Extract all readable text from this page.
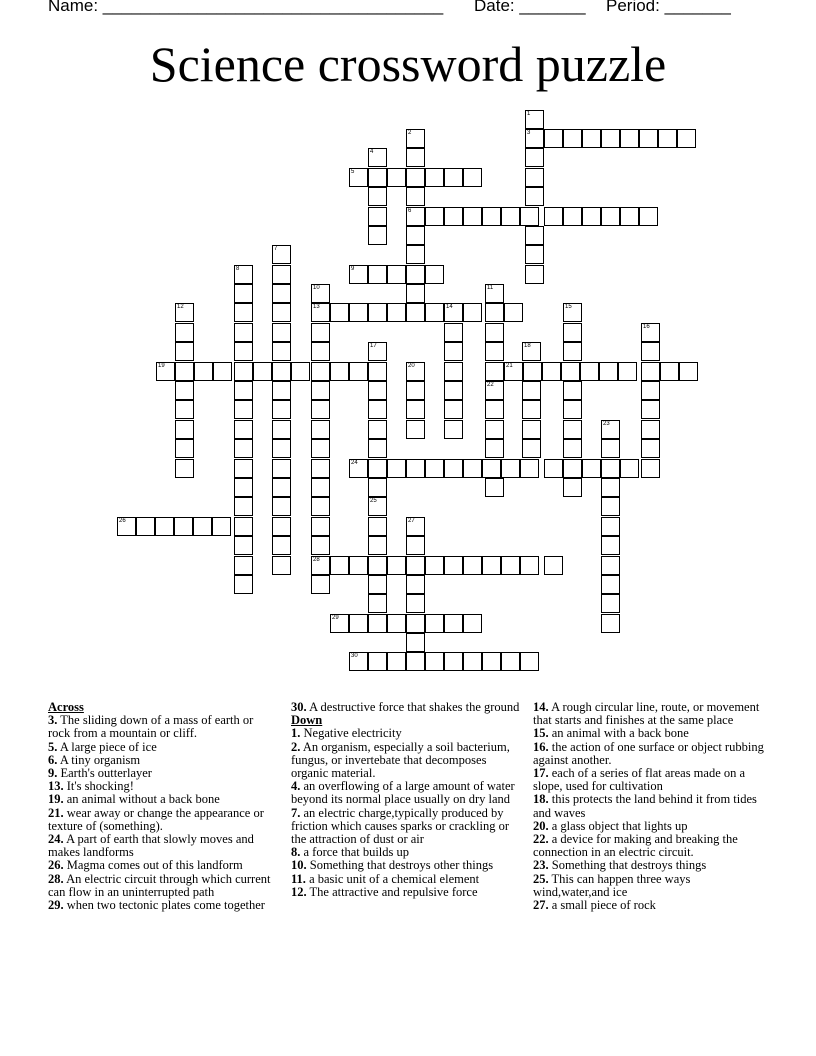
Name: ____________________________________ Date: _______ Period: _______
Science crossword puzzle
1
2	3
4
5
6
7
8	9
10	11
12	13	14	15
16
17	18
19	20	21
22
23
24
25
26	27
28
29
30
Across
3. The sliding down of a mass of earth or rock from a mountain or cliff.
5. A large piece of ice
6. A tiny organism
9. Earth's outterlayer
13. It's shocking!
19. an animal without a back bone
21. wear away or change the appearance or texture of (something).
24. A part of earth that slowly moves and makes landforms
26. Magma comes out of this landform
28. An electric circuit through which current can flow in an uninterrupted path
29. when two tectonic plates come together
30. A destructive force that shakes the ground
Down
1. Negative electricity
2. An organism, especially a soil bacterium, fungus, or invertebate that decomposes organic material.
4. an overflowing of a large amount of water beyond its normal place usually on dry land
7. an electric charge,typically produced by friction which causes sparks or crackling or the attraction of dust or air
8. a force that builds up
10. Something that destroys other things
11. a basic unit of a chemical element
12. The attractive and repulsive force
14. A rough circular line, route, or movement that starts and finishes at the same place
15. an animal with a back bone
16. the action of one surface or object rubbing against another.
17. each of a series of flat areas made on a slope, used for cultivation
18. this protects the land behind it from tides and waves
20. a glass object that lights up
22. a device for making and breaking the connection in an electric circuit.
23. Something that destroys things
25. This can happen three ways wind,water,and ice
27. a small piece of rock
